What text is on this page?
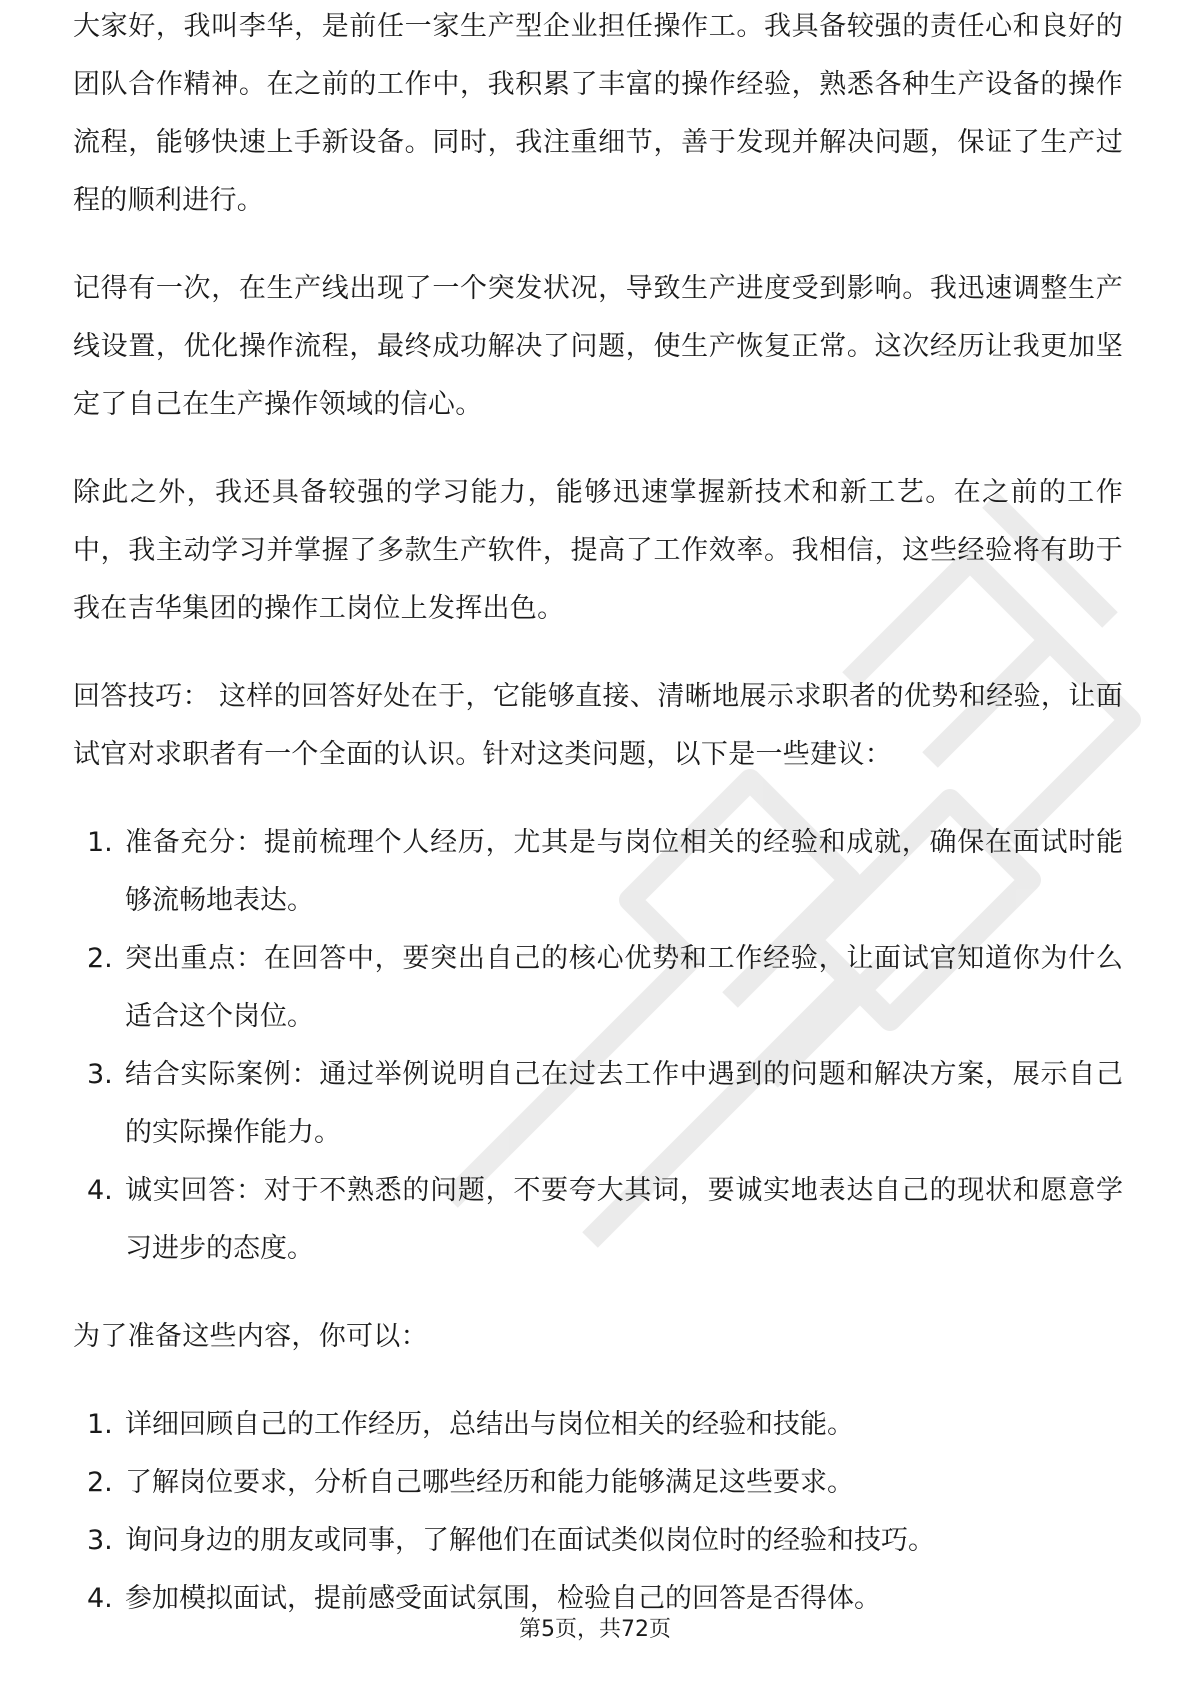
大家好，我叫李华，是前任一家生产型企业担任操作工。我具备较强的责任心和良好的团队合作精神。在之前的工作中，我积累了丰富的操作经验，熟悉各种生产设备的操作流程，能够快速上手新设备。同时，我注重细节，善于发现并解决问题，保证了生产过程的顺利进行。

记得有一次，在生产线出现了一个突发状况，导致生产进度受到影响。我迅速调整生产线设置，优化操作流程，最终成功解决了问题，使生产恢复正常。这次经历让我更加坚定了自己在生产操作领域的信心。

除此之外，我还具备较强的学习能力，能够迅速掌握新技术和新工艺。在之前的工作中，我主动学习并掌握了多款生产软件，提高了工作效率。我相信，这些经验将有助于我在吉华集团的操作工岗位上发挥出色。

回答技巧： 这样的回答好处在于，它能够直接、清晰地展示求职者的优势和经验，让面试官对求职者有一个全面的认识。针对这类问题，以下是一些建议：

1. 准备充分：提前梳理个人经历，尤其是与岗位相关的经验和成就，确保在面试时能够流畅地表达。
2. 突出重点：在回答中，要突出自己的核心优势和工作经验，让面试官知道你为什么适合这个岗位。
3. 结合实际案例：通过举例说明自己在过去工作中遇到的问题和解决方案，展示自己的实际操作能力。
4. 诚实回答：对于不熟悉的问题，不要夸大其词，要诚实地表达自己的现状和愿意学习进步的态度。

为了准备这些内容，你可以：

1. 详细回顾自己的工作经历，总结出与岗位相关的经验和技能。
2. 了解岗位要求，分析自己哪些经历和能力能够满足这些要求。
3. 询问身边的朋友或同事，了解他们在面试类似岗位时的经验和技巧。
4. 参加模拟面试，提前感受面试氛围，检验自己的回答是否得体。
第5页，共72页
